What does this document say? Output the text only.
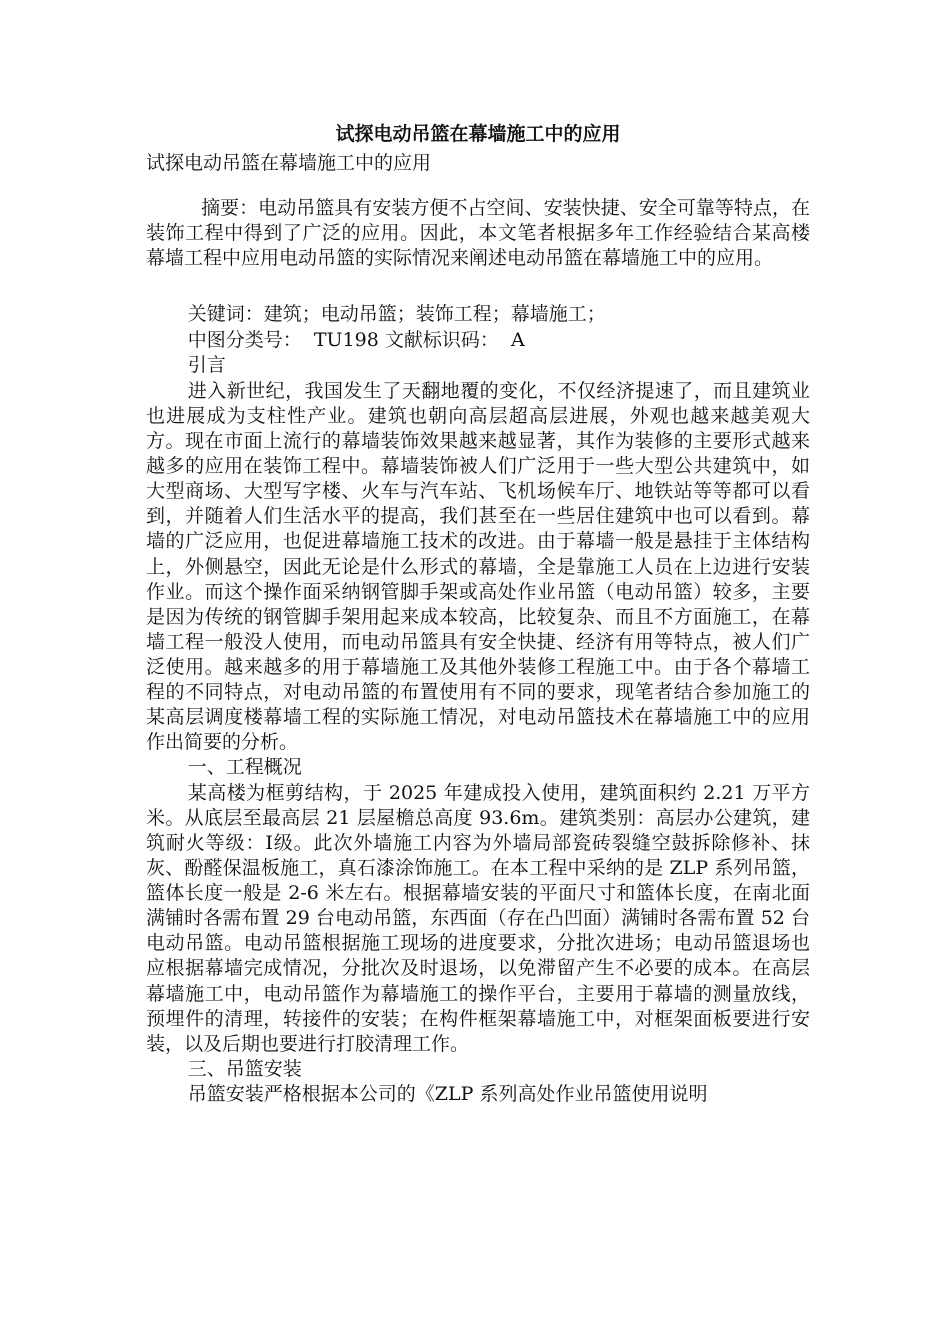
试探电动吊篮在幕墙施工中的应用

试探电动吊篮在幕墙施工中的应用

摘要：电动吊篮具有安装方便不占空间、安装快捷、安全可靠等特点，在装饰工程中得到了广泛的应用。因此，本文笔者根据多年工作经验结合某高楼幕墙工程中应用电动吊篮的实际情况来阐述电动吊篮在幕墙施工中的应用。

关键词：建筑；电动吊篮；装饰工程；幕墙施工；

中图分类号：  TU198 文献标识码：  A

引言

进入新世纪，我国发生了天翻地覆的变化，不仅经济提速了，而且建筑业也进展成为支柱性产业。建筑也朝向高层超高层进展，外观也越来越美观大方。现在市面上流行的幕墙装饰效果越来越显著，其作为装修的主要形式越来越多的应用在装饰工程中。幕墙装饰被人们广泛用于一些大型公共建筑中，如大型商场、大型写字楼、火车与汽车站、飞机场候车厅、地铁站等等都可以看到，并随着人们生活水平的提高，我们甚至在一些居住建筑中也可以看到。幕墙的广泛应用，也促进幕墙施工技术的改进。由于幕墙一般是悬挂于主体结构上，外侧悬空，因此无论是什么形式的幕墙，全是靠施工人员在上边进行安装作业。而这个操作面采纳钢管脚手架或高处作业吊篮（电动吊篮）较多，主要是因为传统的钢管脚手架用起来成本较高，比较复杂、而且不方面施工，在幕墙工程一般没人使用，而电动吊篮具有安全快捷、经济有用等特点，被人们广泛使用。越来越多的用于幕墙施工及其他外装修工程施工中。由于各个幕墙工程的不同特点，对电动吊篮的布置使用有不同的要求，现笔者结合参加施工的某高层调度楼幕墙工程的实际施工情况，对电动吊篮技术在幕墙施工中的应用作出简要的分析。

一、工程概况

某高楼为框剪结构，于 2025 年建成投入使用，建筑面积约 2.21 万平方米。从底层至最高层 21 层屋檐总高度 93.6m。建筑类别：高层办公建筑，建筑耐火等级：Ⅰ级。此次外墙施工内容为外墙局部瓷砖裂缝空鼓拆除修补、抹灰、酚醛保温板施工，真石漆涂饰施工。在本工程中采纳的是 ZLP 系列吊篮，篮体长度一般是 2-6 米左右。根据幕墙安装的平面尺寸和篮体长度，在南北面满铺时各需布置 29 台电动吊篮，东西面（存在凸凹面）满铺时各需布置 52 台电动吊篮。电动吊篮根据施工现场的进度要求，分批次进场；电动吊篮退场也应根据幕墙完成情况，分批次及时退场，以免滞留产生不必要的成本。在高层幕墙施工中，电动吊篮作为幕墙施工的操作平台，主要用于幕墙的测量放线，预埋件的清理，转接件的安装；在构件框架幕墙施工中，对框架面板要进行安装，以及后期也要进行打胶清理工作。

三、吊篮安装

吊篮安装严格根据本公司的《ZLP 系列高处作业吊篮使用说明
